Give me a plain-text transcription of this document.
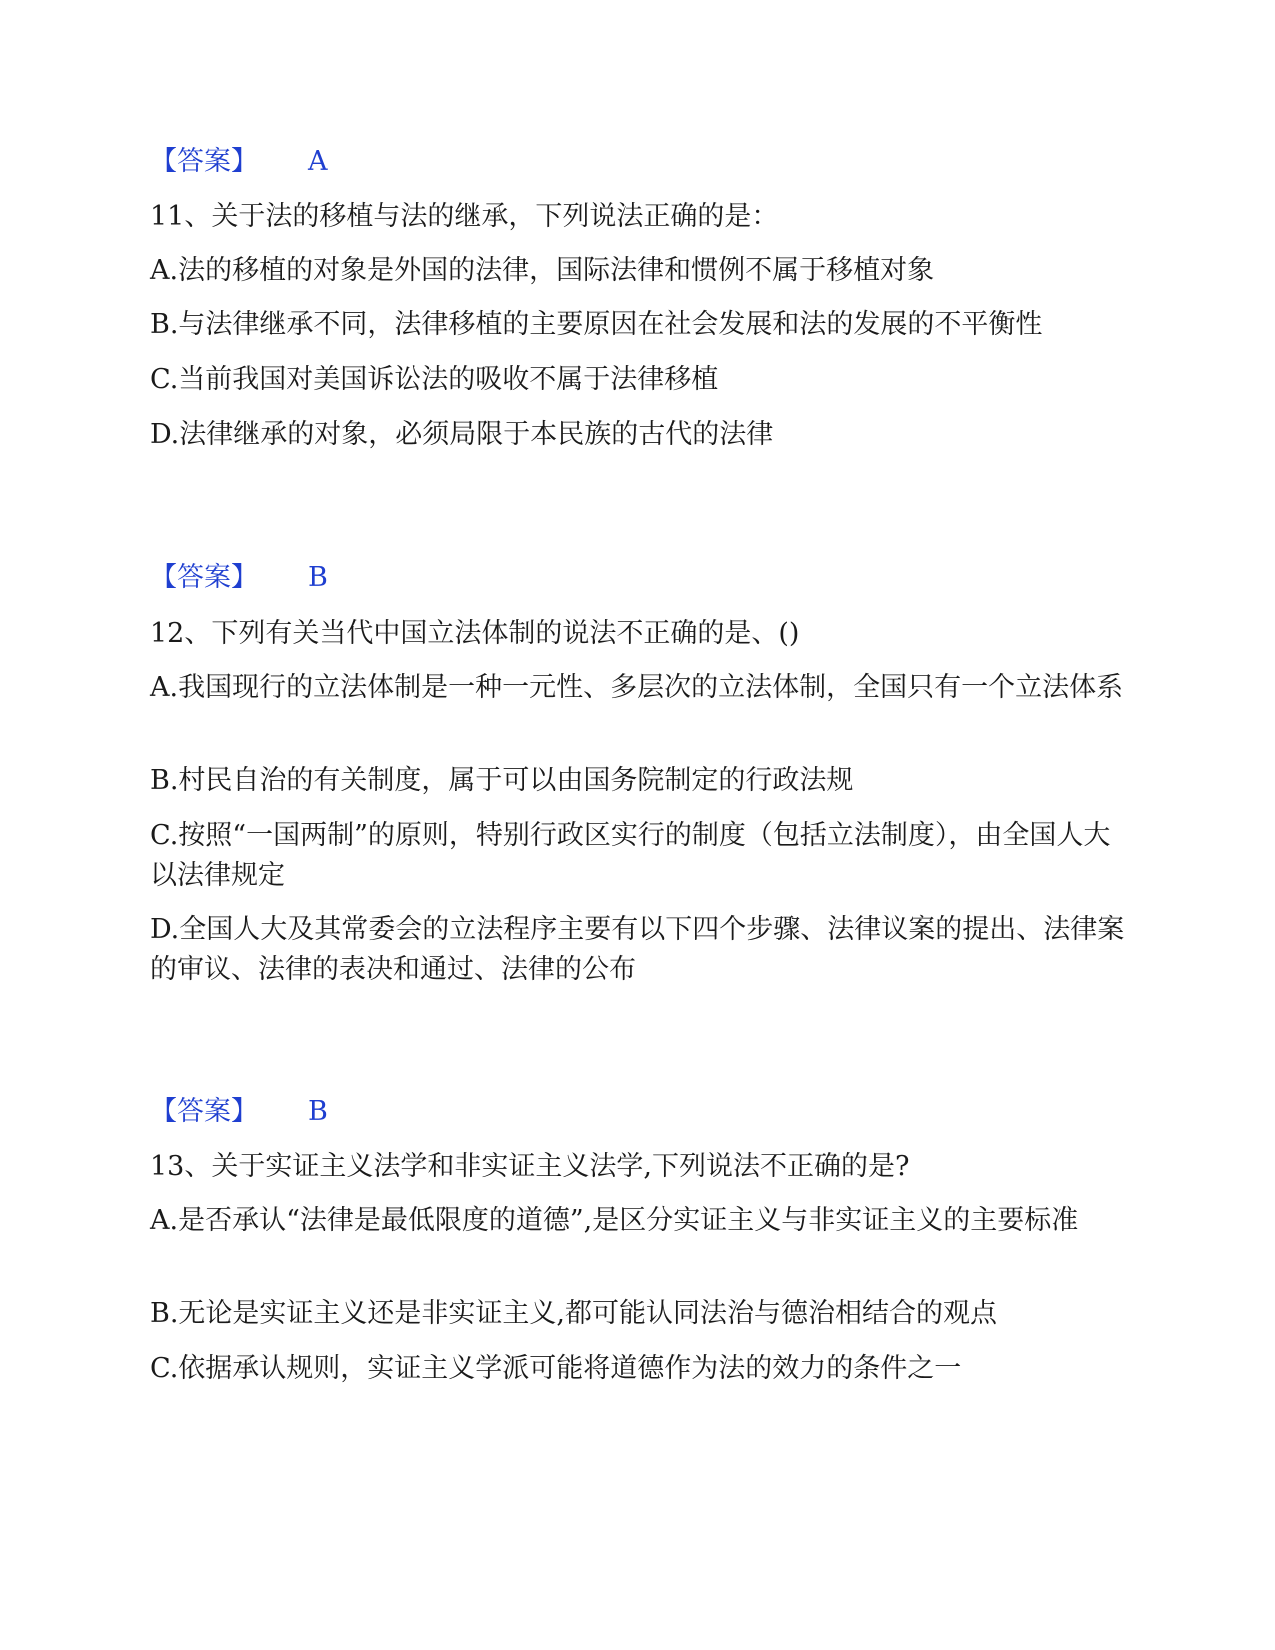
【答案】 A
11、关于法的移植与法的继承，下列说法正确的是：
A.法的移植的对象是外国的法律，国际法律和惯例不属于移植对象
B.与法律继承不同，法律移植的主要原因在社会发展和法的发展的不平衡性
C.当前我国对美国诉讼法的吸收不属于法律移植
D.法律继承的对象，必须局限于本民族的古代的法律
【答案】 B
12、下列有关当代中国立法体制的说法不正确的是、()
A.我国现行的立法体制是一种一元性、多层次的立法体制，全国只有一个立法体系
B.村民自治的有关制度，属于可以由国务院制定的行政法规
C.按照“一国两制”的原则，特别行政区实行的制度（包括立法制度），由全国人大以法律规定
D.全国人大及其常委会的立法程序主要有以下四个步骤、法律议案的提出、法律案的审议、法律的表决和通过、法律的公布
【答案】 B
13、关于实证主义法学和非实证主义法学,下列说法不正确的是?
A.是否承认“法律是最低限度的道德”,是区分实证主义与非实证主义的主要标准
B.无论是实证主义还是非实证主义,都可能认同法治与德治相结合的观点
C.依据承认规则，实证主义学派可能将道德作为法的效力的条件之一
